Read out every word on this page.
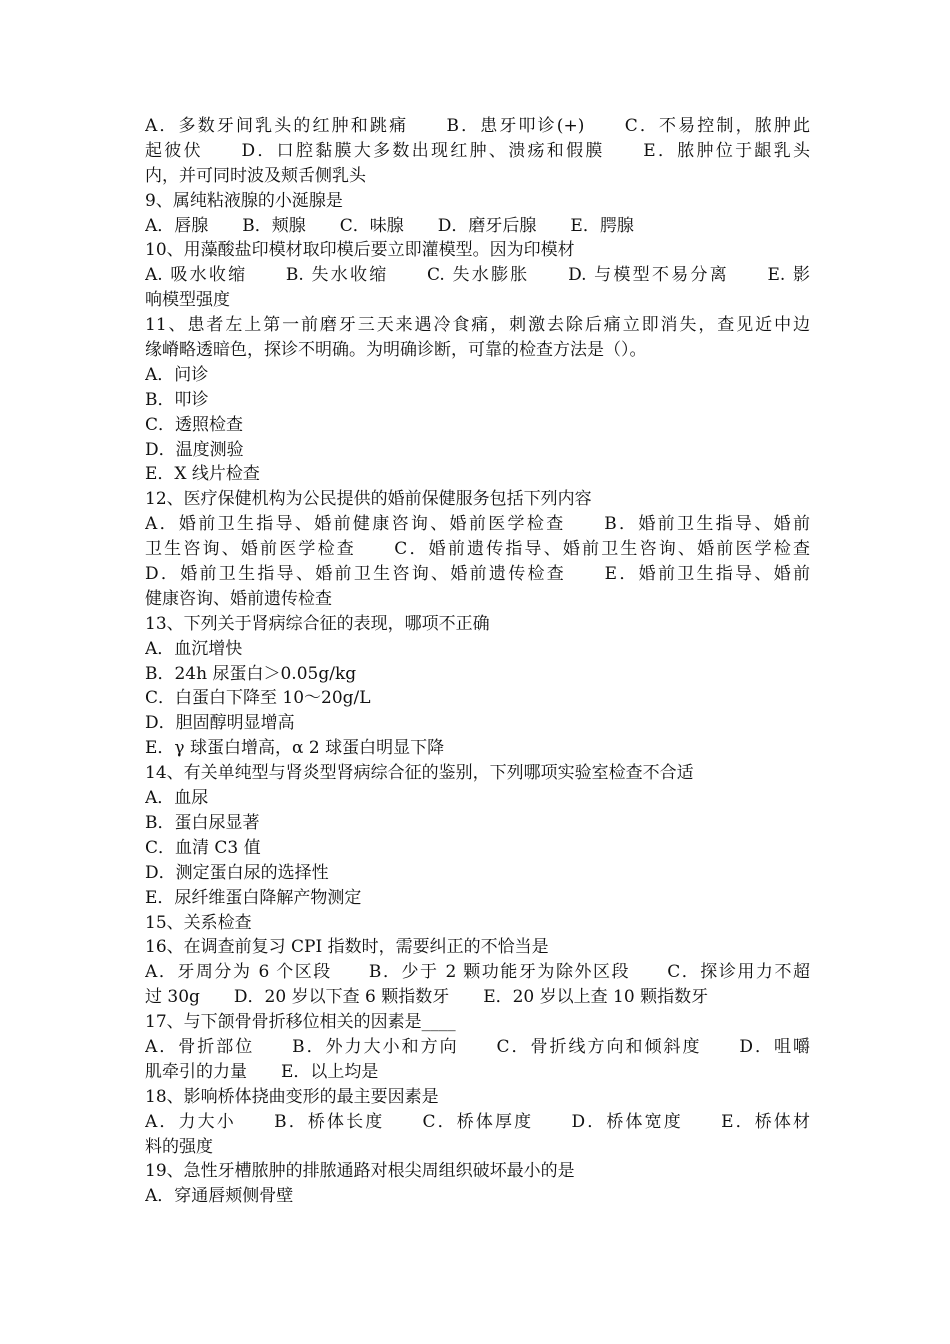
A．多数牙间乳头的红肿和跳痛　　B．患牙叩诊(+)　　C．不易控制，脓肿此
起彼伏　　D．口腔黏膜大多数出现红肿、溃疡和假膜　　E．脓肿位于龈乳头
内，并可同时波及颊舌侧乳头
9、属纯粘液腺的小涎腺是
A．唇腺　　B．颊腺　　C．味腺　　D．磨牙后腺　　E．腭腺
10、用藻酸盐印模材取印模后要立即灌模型。因为印模材
A. 吸水收缩　　B. 失水收缩　　C. 失水膨胀　　D. 与模型不易分离　　E. 影
响模型强度
11、患者左上第一前磨牙三天来遇冷食痛，刺激去除后痛立即消失，查见近中边
缘嵴略透暗色，探诊不明确。为明确诊断，可靠的检查方法是（）。
A．问诊
B．叩诊
C．透照检查
D．温度测验
E．X 线片检查
12、医疗保健机构为公民提供的婚前保健服务包括下列内容
A．婚前卫生指导、婚前健康咨询、婚前医学检查　　B．婚前卫生指导、婚前
卫生咨询、婚前医学检查　　C．婚前遗传指导、婚前卫生咨询、婚前医学检查
D．婚前卫生指导、婚前卫生咨询、婚前遗传检查　　E．婚前卫生指导、婚前
健康咨询、婚前遗传检查
13、下列关于肾病综合征的表现，哪项不正确
A．血沉增快
B．24h 尿蛋白＞0.05g/kg
C．白蛋白下降至 10～20g/L
D．胆固醇明显增高
E．γ 球蛋白增高，α 2 球蛋白明显下降
14、有关单纯型与肾炎型肾病综合征的鉴别，下列哪项实验室检查不合适
A．血尿
B．蛋白尿显著
C．血清 C3 值
D．测定蛋白尿的选择性
E．尿纤维蛋白降解产物测定
15、关系检查
16、在调查前复习 CPI 指数时，需要纠正的不恰当是
A．牙周分为 6 个区段　　B．少于 2 颗功能牙为除外区段　　C．探诊用力不超
过 30g　　D．20 岁以下查 6 颗指数牙　　E．20 岁以上查 10 颗指数牙
17、与下颌骨骨折移位相关的因素是____
A．骨折部位　　B．外力大小和方向　　C．骨折线方向和倾斜度　　D．咀嚼
肌牵引的力量　　E．以上均是
18、影响桥体挠曲变形的最主要因素是
A．力大小　　B．桥体长度　　C．桥体厚度　　D．桥体宽度　　E．桥体材
料的强度
19、急性牙槽脓肿的排脓通路对根尖周组织破坏最小的是
A．穿通唇颊侧骨壁
